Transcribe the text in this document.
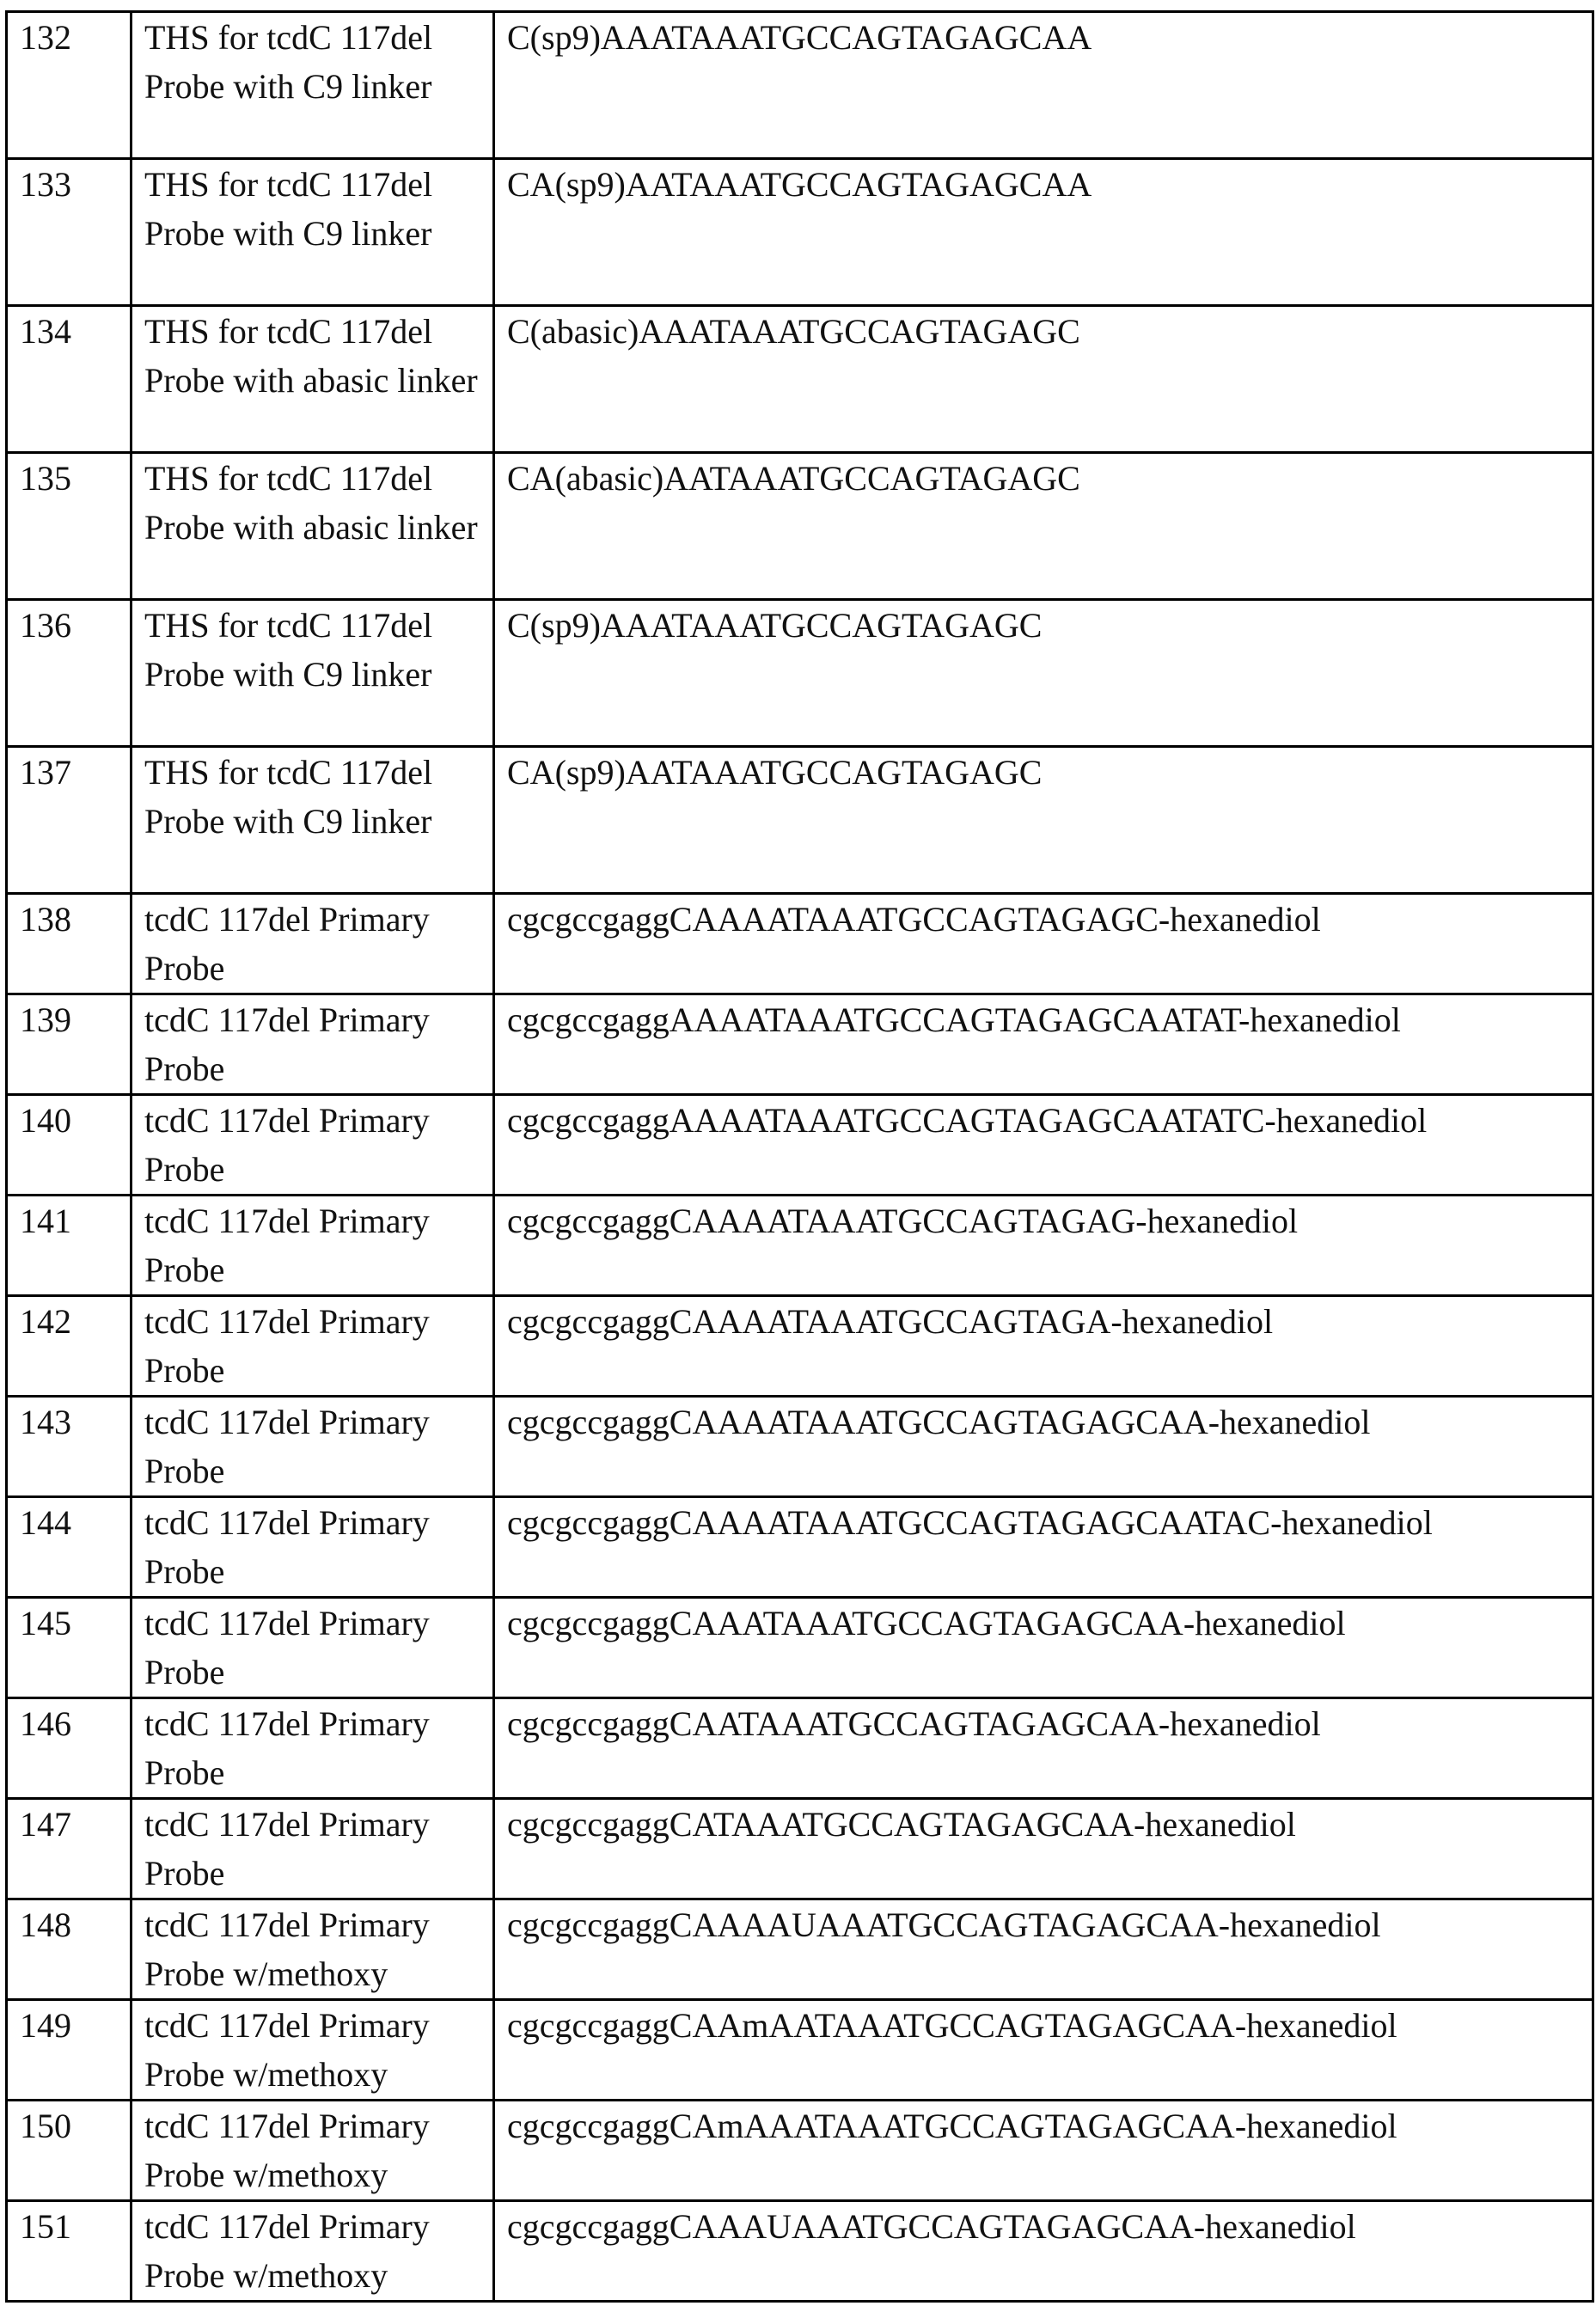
132	THS for tcdC 117del Probe with C9 linker	C(sp9)AAATAAATGCCAGTAGAGCAA
133	THS for tcdC 117del Probe with C9 linker	CA(sp9)AATAAATGCCAGTAGAGCAA
134	THS for tcdC 117del Probe with abasic linker	C(abasic)AAATAAATGCCAGTAGAGC
135	THS for tcdC 117del Probe with abasic linker	CA(abasic)AATAAATGCCAGTAGAGC
136	THS for tcdC 117del Probe with C9 linker	C(sp9)AAATAAATGCCAGTAGAGC
137	THS for tcdC 117del Probe with C9 linker	CA(sp9)AATAAATGCCAGTAGAGC
138	tcdC 117del Primary Probe	cgcgccgaggCAAAATAAATGCCAGTAGAGC-hexanediol
139	tcdC 117del Primary Probe	cgcgccgaggAAAATAAATGCCAGTAGAGCAATAT-hexanediol
140	tcdC 117del Primary Probe	cgcgccgaggAAAATAAATGCCAGTAGAGCAATATC-hexanediol
141	tcdC 117del Primary Probe	cgcgccgaggCAAAATAAATGCCAGTAGAG-hexanediol
142	tcdC 117del Primary Probe	cgcgccgaggCAAAATAAATGCCAGTAGA-hexanediol
143	tcdC 117del Primary Probe	cgcgccgaggCAAAATAAATGCCAGTAGAGCAA-hexanediol
144	tcdC 117del Primary Probe	cgcgccgaggCAAAATAAATGCCAGTAGAGCAATAC-hexanediol
145	tcdC 117del Primary Probe	cgcgccgaggCAAATAAATGCCAGTAGAGCAA-hexanediol
146	tcdC 117del Primary Probe	cgcgccgaggCAATAAATGCCAGTAGAGCAA-hexanediol
147	tcdC 117del Primary Probe	cgcgccgaggCATAAATGCCAGTAGAGCAA-hexanediol
148	tcdC 117del Primary Probe w/methoxy	cgcgccgaggCAAAAUAAATGCCAGTAGAGCAA-hexanediol
149	tcdC 117del Primary Probe w/methoxy	cgcgccgaggCAAmAATAAATGCCAGTAGAGCAA-hexanediol
150	tcdC 117del Primary Probe w/methoxy	cgcgccgaggCAmAAATAAATGCCAGTAGAGCAA-hexanediol
151	tcdC 117del Primary Probe w/methoxy	cgcgccgaggCAAAUAAATGCCAGTAGAGCAA-hexanediol
